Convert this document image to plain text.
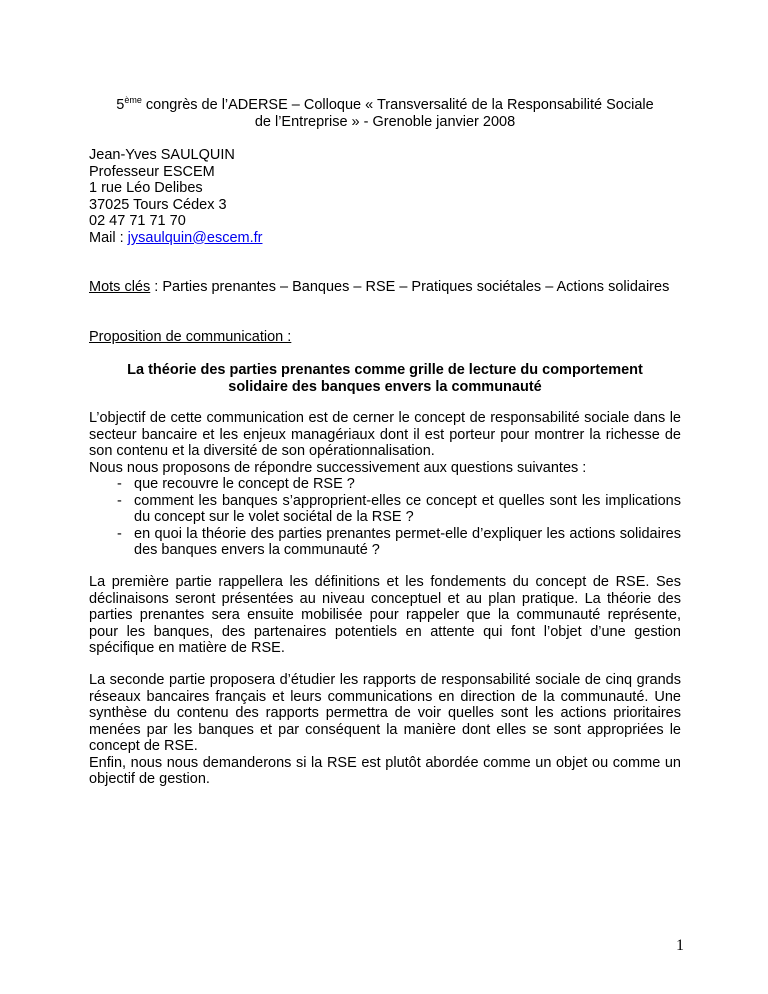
5ème congrès de l’ADERSE – Colloque « Transversalité de la Responsabilité Sociale

de l’Entreprise » - Grenoble janvier 2008

Jean-Yves SAULQUIN

Professeur ESCEM

1 rue Léo Delibes

37025 Tours Cédex 3

02 47 71 71 70

Mail : jysaulquin@escem.fr

Mots clés : Parties prenantes – Banques – RSE – Pratiques sociétales – Actions solidaires

Proposition de communication :

La théorie des parties prenantes comme grille de lecture du comportement

solidaire des banques envers la communauté

L’objectif de cette communication est de cerner le concept de responsabilité sociale dans le secteur bancaire et les enjeux managériaux dont il est porteur pour montrer la richesse de son contenu et la diversité de son opérationnalisation.

Nous nous proposons de répondre successivement aux questions suivantes :

- que recouvre le concept de RSE ?
- comment les banques s’approprient-elles ce concept et quelles sont les implications du concept sur le volet sociétal de la RSE ?
- en quoi la théorie des parties prenantes permet-elle d’expliquer les actions solidaires des banques envers la communauté ?

La première partie rappellera les définitions et les fondements du concept de RSE. Ses déclinaisons seront présentées au niveau conceptuel et au plan pratique. La théorie des parties prenantes sera ensuite mobilisée pour rappeler que la communauté représente, pour les banques, des partenaires potentiels en attente qui font l’objet d’une gestion spécifique en matière de RSE.

La seconde partie proposera d’étudier les rapports de responsabilité sociale de cinq grands réseaux bancaires français et leurs communications en direction de la communauté. Une synthèse du contenu des rapports permettra de voir quelles sont les actions prioritaires menées par les banques et par conséquent la manière dont elles se sont appropriées le concept de RSE.

Enfin, nous nous demanderons si la RSE est plutôt abordée comme un objet ou comme un objectif de gestion.

1
